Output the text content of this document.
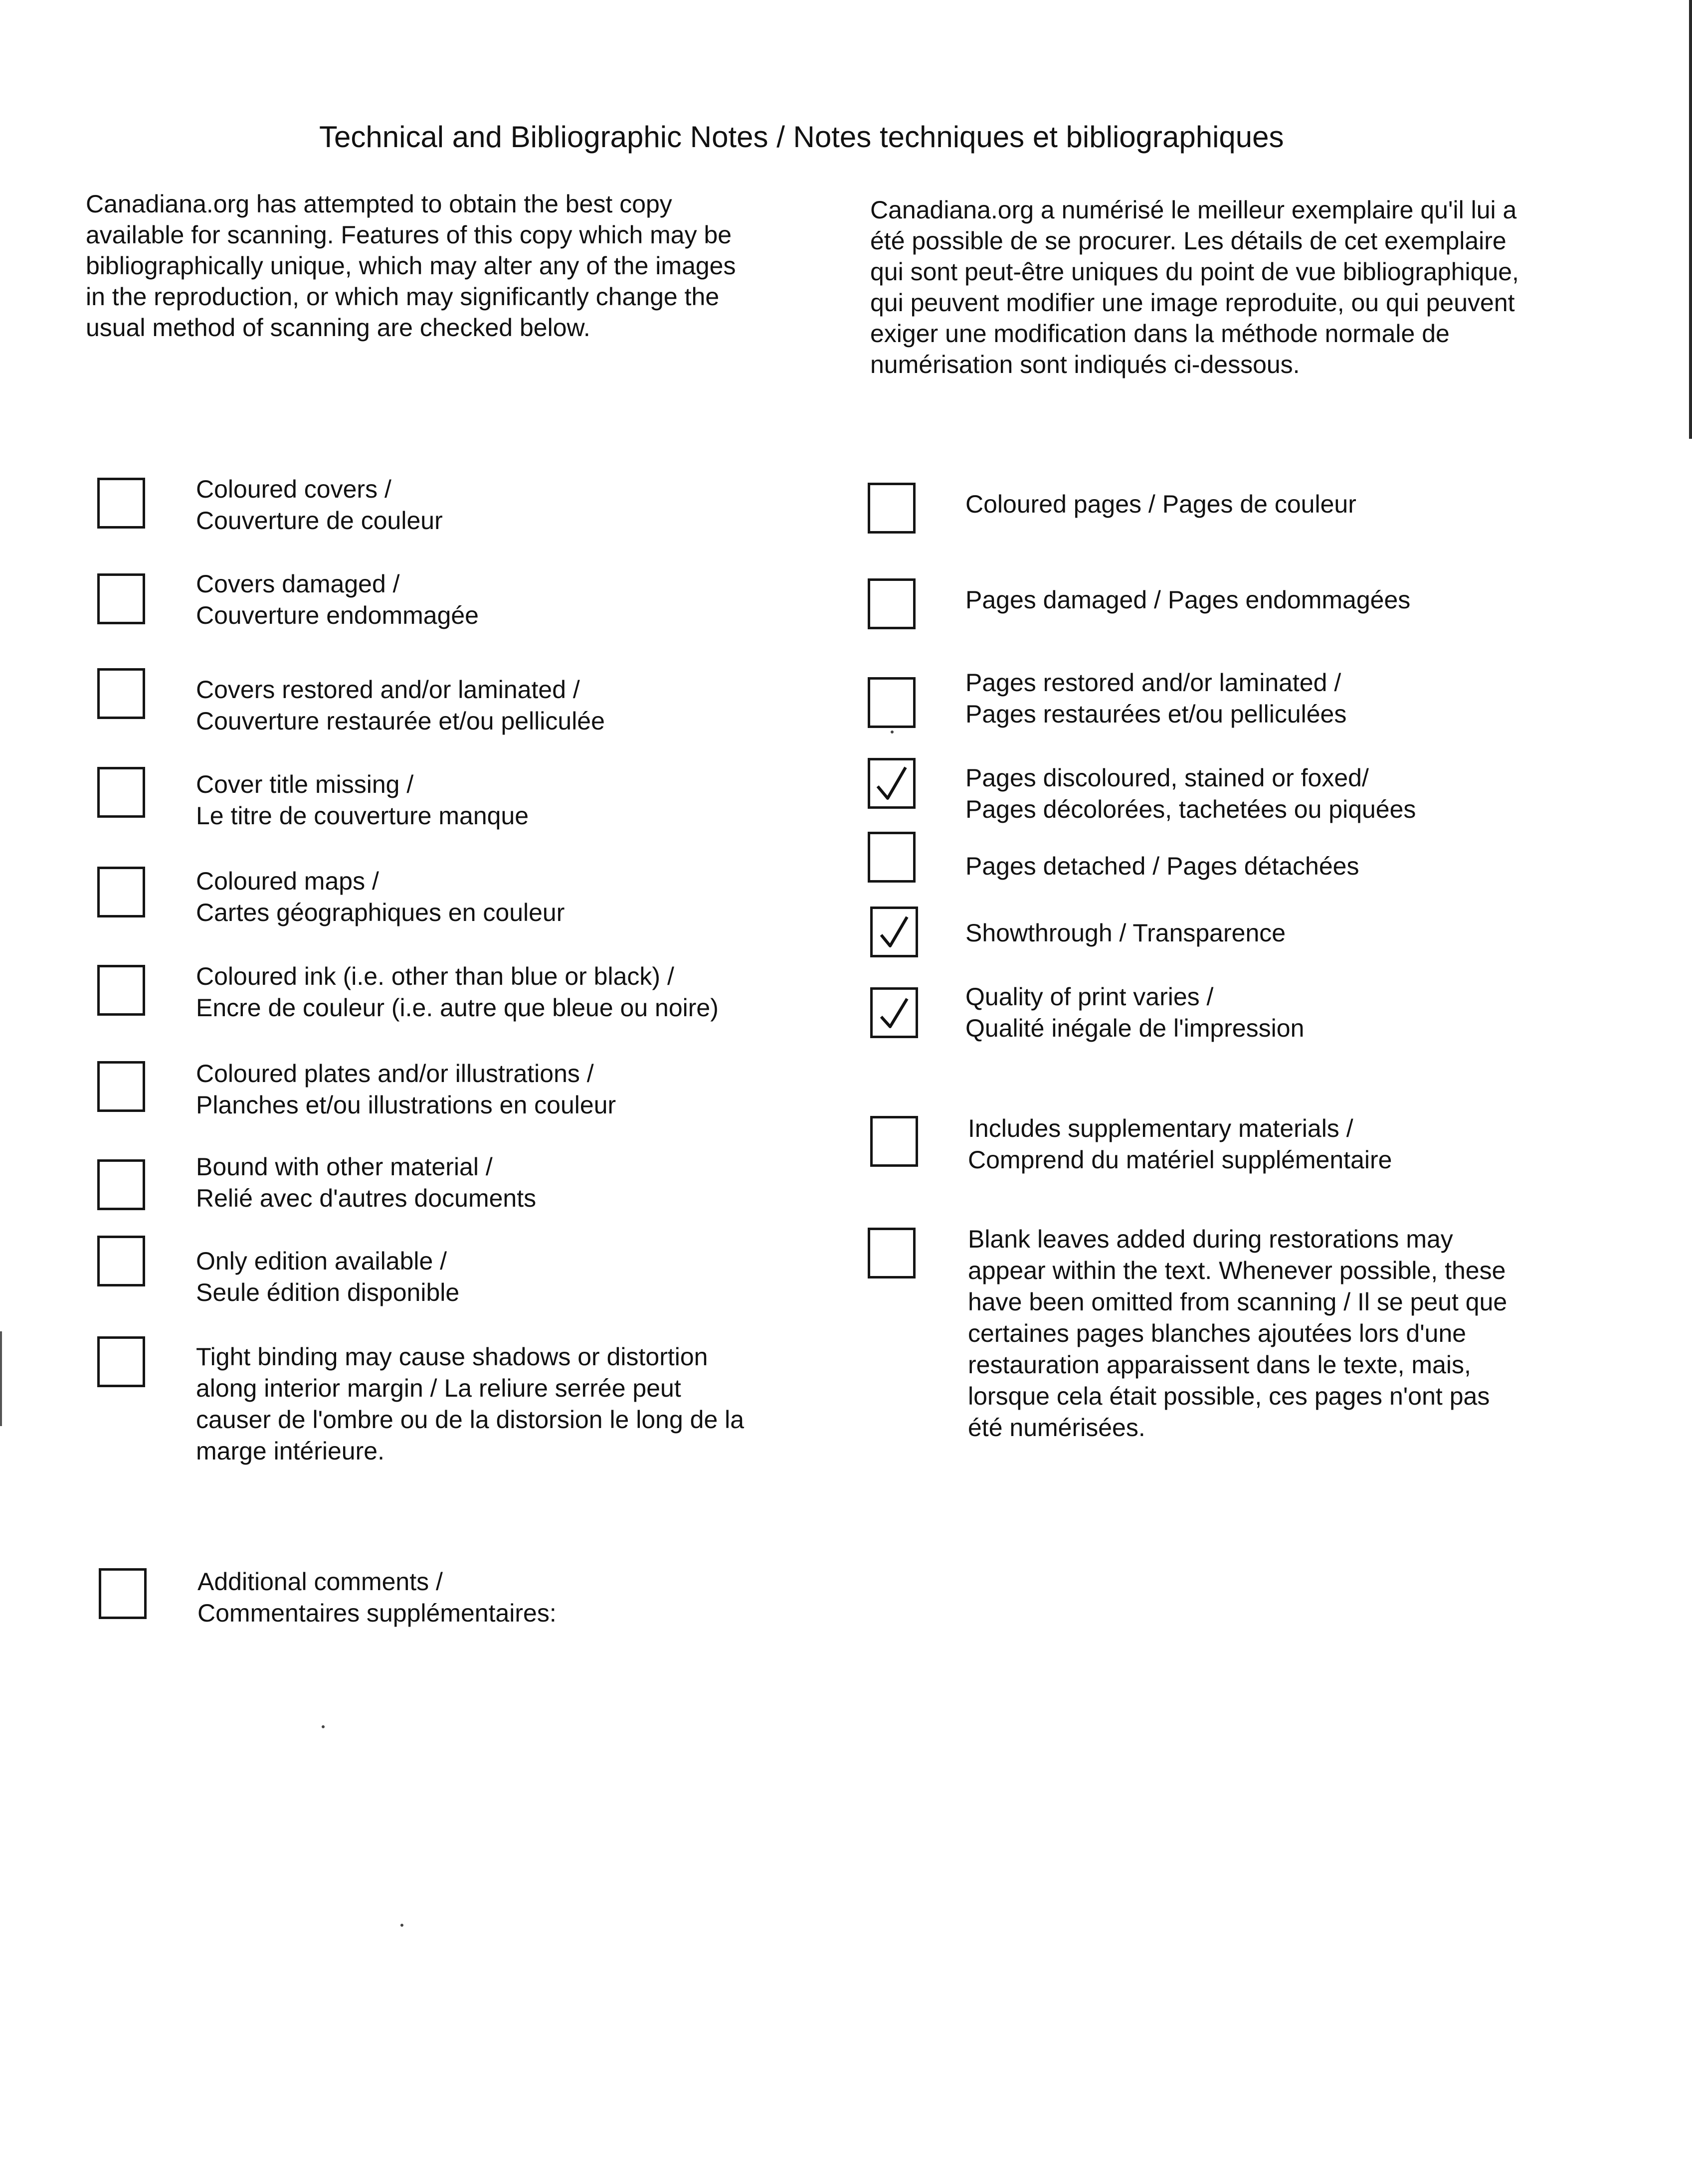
Technical and Bibliographic Notes / Notes techniques et bibliographiques
Canadiana.org has attempted to obtain the best copy
available for scanning. Features of this copy which may be
bibliographically unique, which may alter any of the images
in the reproduction, or which may significantly change the
usual method of scanning are checked below.
Canadiana.org a numérisé le meilleur exemplaire qu'il lui a
été possible de se procurer. Les détails de cet exemplaire
qui sont peut-être uniques du point de vue bibliographique,
qui peuvent modifier une image reproduite, ou qui peuvent
exiger une modification dans la méthode normale de
numérisation sont indiqués ci-dessous.
Coloured covers /
Couverture de couleur
Covers damaged /
Couverture endommagée
Covers restored and/or laminated /
Couverture restaurée et/ou pelliculée
Cover title missing /
Le titre de couverture manque
Coloured maps /
Cartes géographiques en couleur
Coloured ink (i.e. other than blue or black) /
Encre de couleur (i.e. autre que bleue ou noire)
Coloured plates and/or illustrations /
Planches et/ou illustrations en couleur
Bound with other material /
Relié avec d'autres documents
Only edition available /
Seule édition disponible
Tight binding may cause shadows or distortion
along interior margin / La reliure serrée peut
causer de l'ombre ou de la distorsion le long de la
marge intérieure.
Additional comments /
Commentaires supplémentaires:
Coloured pages / Pages de couleur
Pages damaged / Pages endommagées
Pages restored and/or laminated /
Pages restaurées et/ou pelliculées
Pages discoloured, stained or foxed/
Pages décolorées, tachetées ou piquées
Pages detached / Pages détachées
Showthrough / Transparence
Quality of print varies /
Qualité inégale de l'impression
Includes supplementary materials /
Comprend du matériel supplémentaire
Blank leaves added during restorations may
appear within the text. Whenever possible, these
have been omitted from scanning / Il se peut que
certaines pages blanches ajoutées lors d'une
restauration apparaissent dans le texte, mais,
lorsque cela était possible, ces pages n'ont pas
été numérisées.
